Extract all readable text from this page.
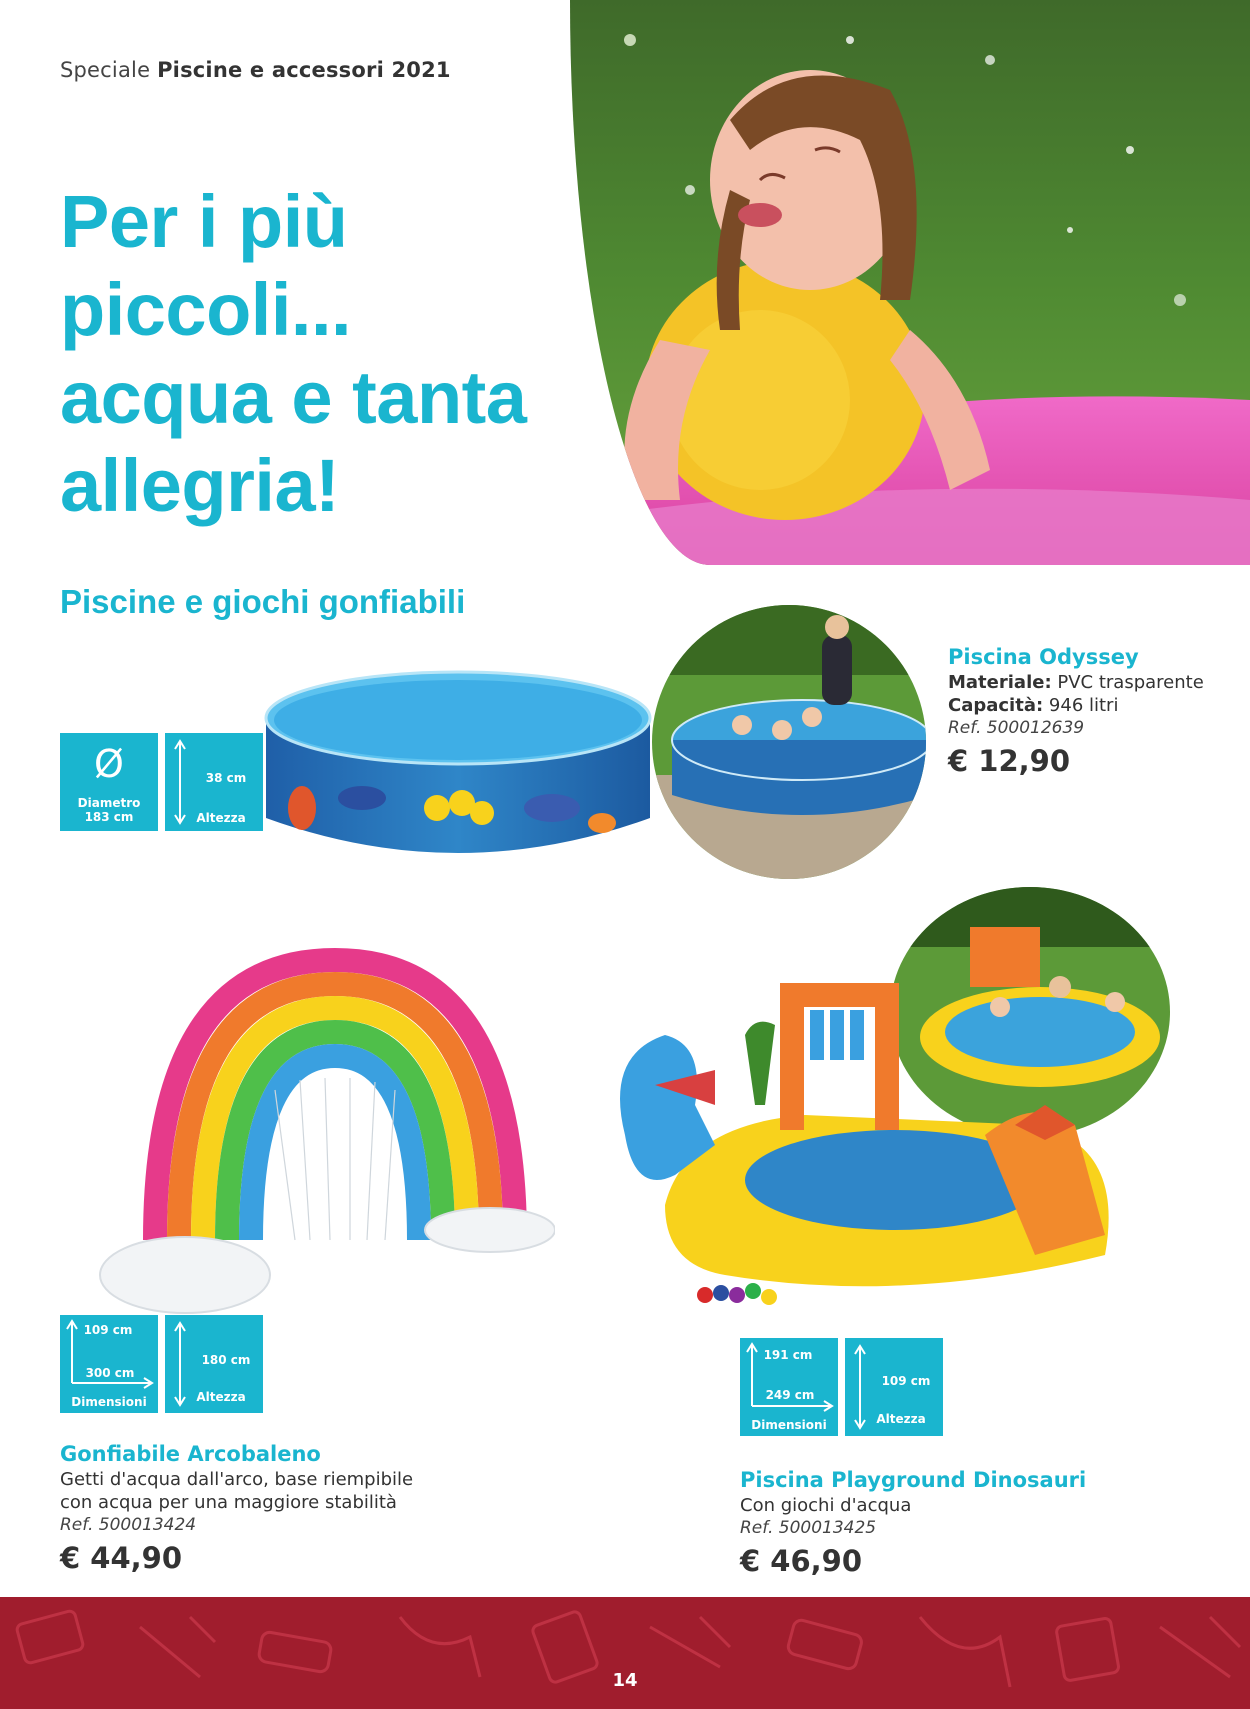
Speciale Piscine e accessori 2021
Per i più
piccoli...
acqua e tanta
allegria!
Piscine e giochi gonfiabili
Ø
Diametro
183 cm
38 cm
Altezza
Piscina Odyssey
Materiale: PVC trasparente
Capacità: 946 litri
Ref. 500012639
€ 12,90
109 cm
300 cm
Dimensioni
180 cm
Altezza
Gonfiabile Arcobaleno
Getti d'acqua dall'arco, base riempibile
con acqua per una maggiore stabilità
Ref. 500013424
€ 44,90
191 cm
249 cm
Dimensioni
109 cm
Altezza
Piscina Playground Dinosauri
Con giochi d'acqua
Ref. 500013425
€ 46,90
14
